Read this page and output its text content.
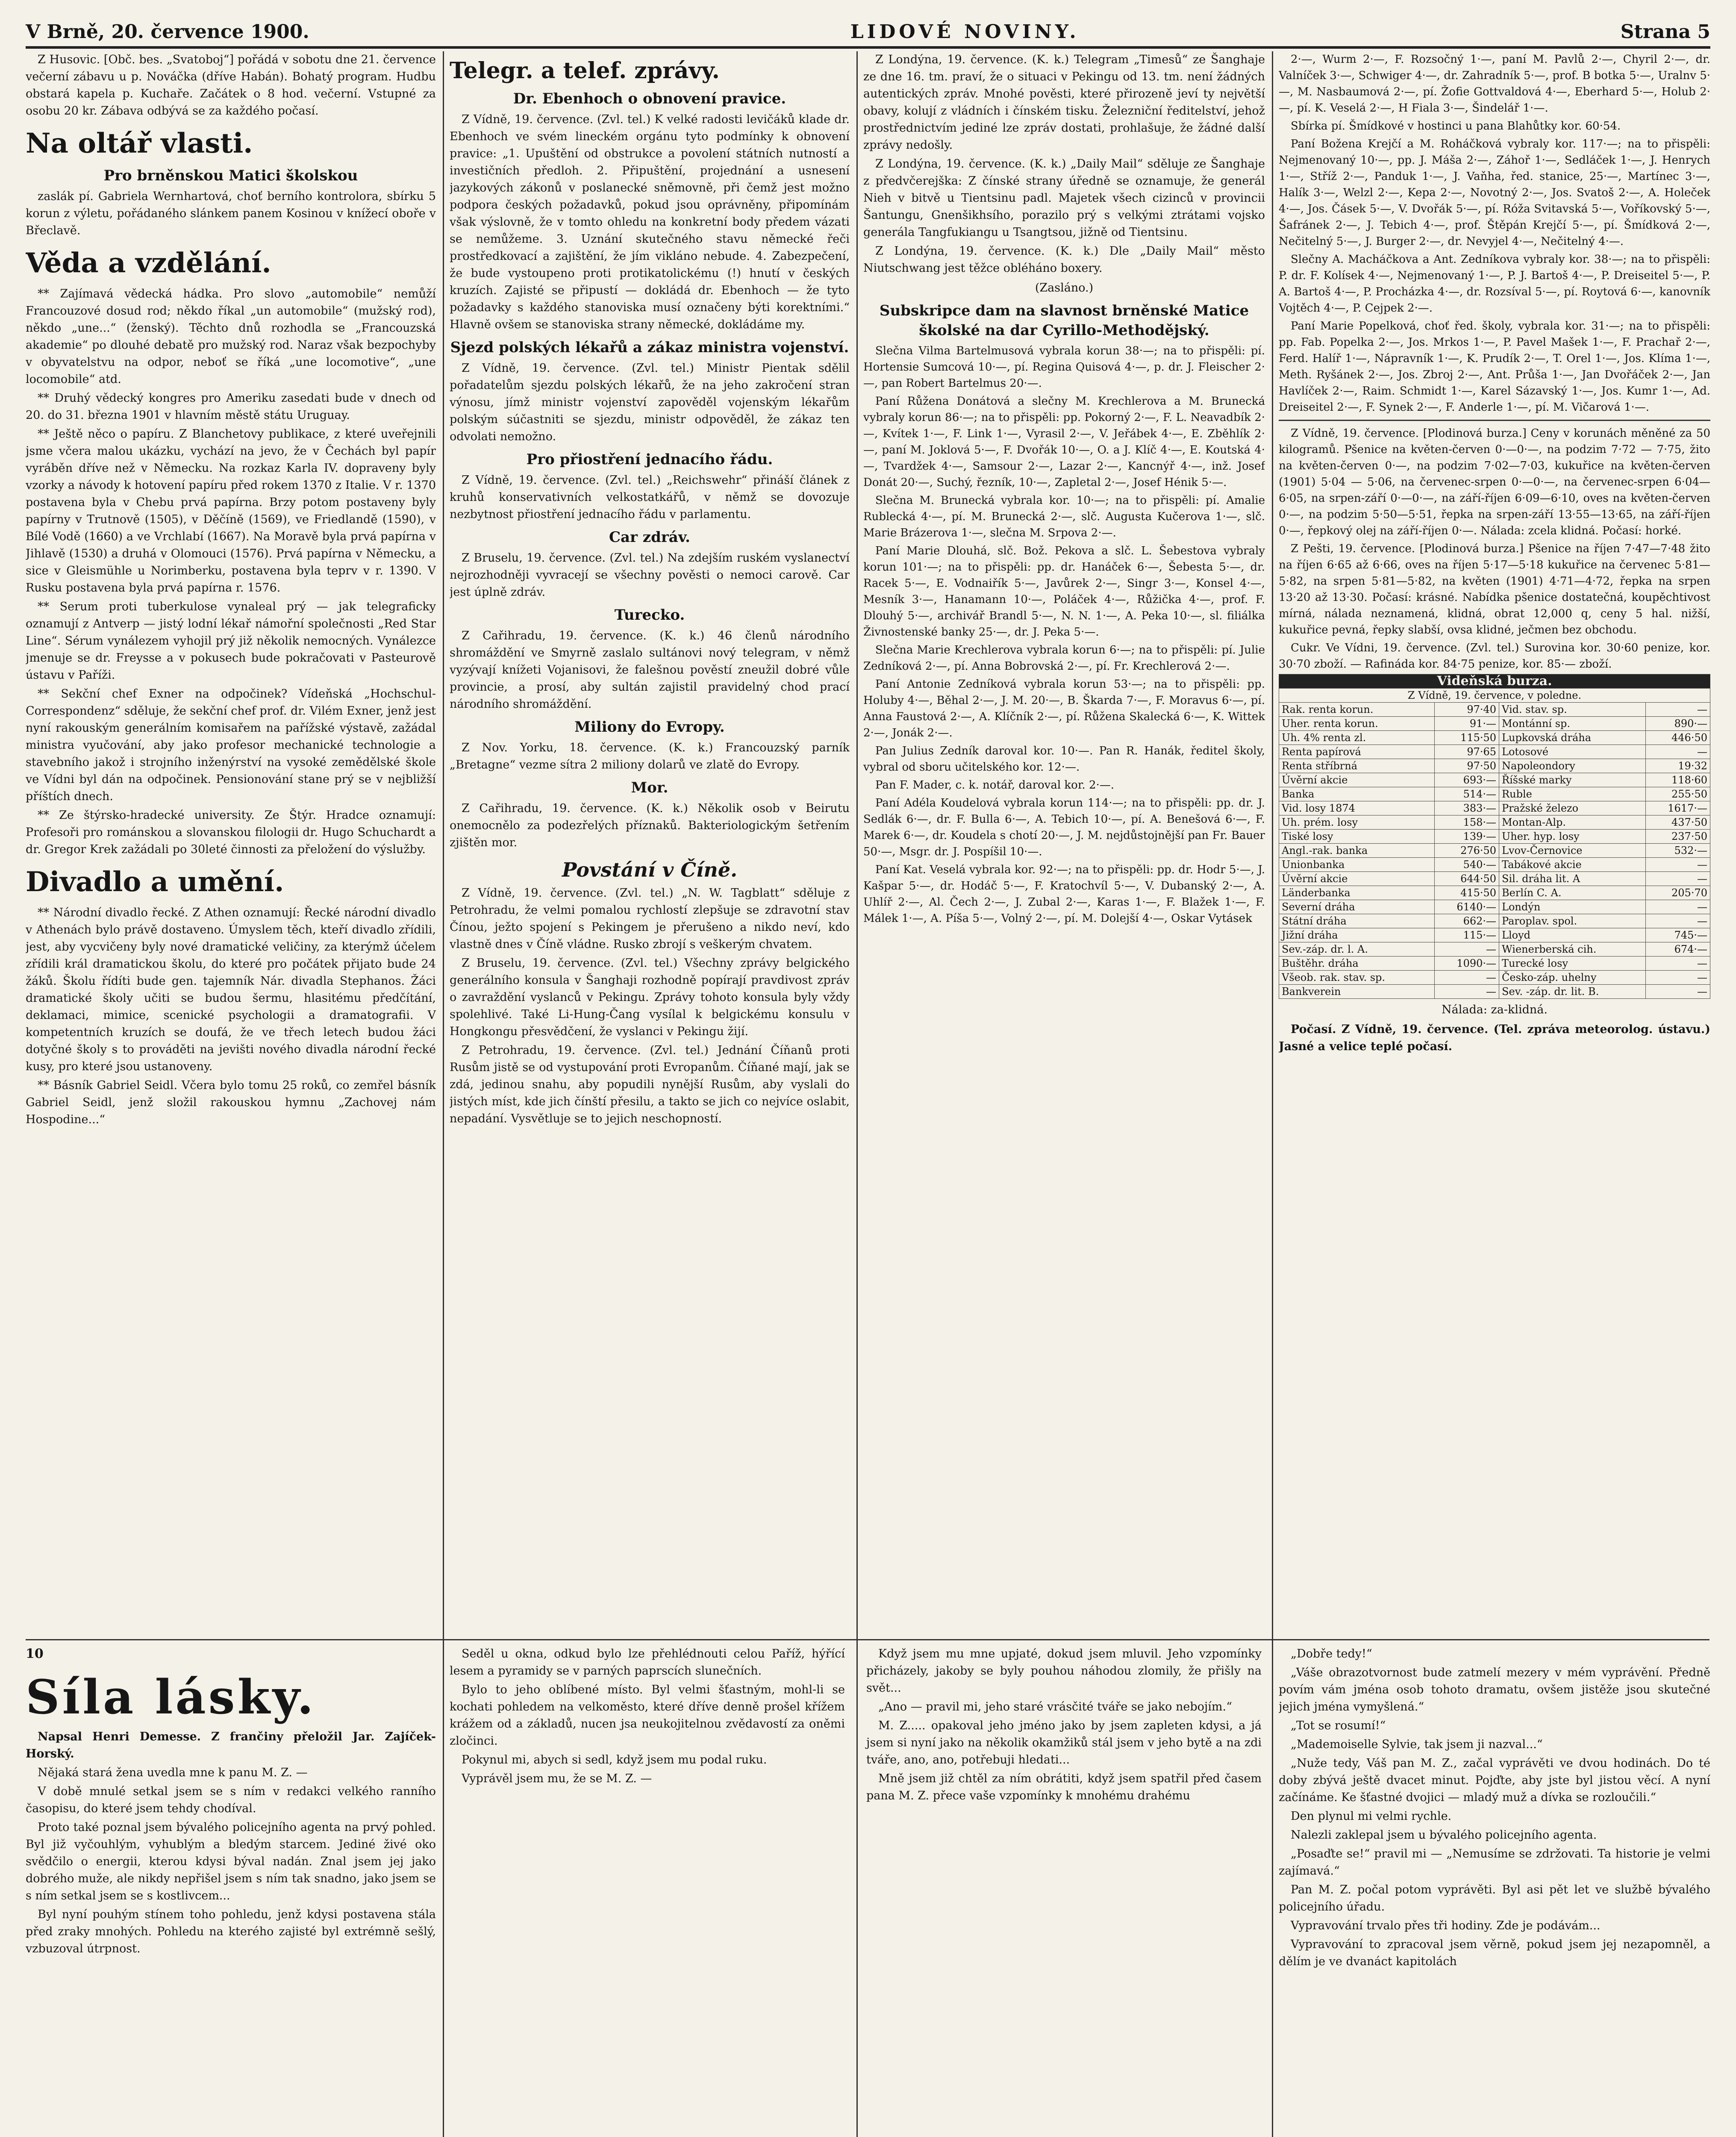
V Brně, 20. července 1900.	LIDOVÉ NOVINY.	Strana 5

Z Husovic. [Obč. bes. „Svatoboj“] pořádá v sobotu dne 21. července večerní zábavu u p. Nováčka (dříve Habán). Bohatý program. Hudbu obstará kapela p. Kuchaře. Začátek o 8 hod. večerní. Vstupné za osobu 20 kr. Zábava odbývá se za každého počasí.

Na oltář vlasti.
Pro brněnskou Matici školskou

zaslák pí. Gabriela Wernhartová, choť berního kontrolora, sbírku 5 korun z výletu, pořádaného slánkem panem Kosinou v knížecí oboře v Břeclavě.

Věda a vzdělání.

** Zajímavá vědecká hádka. Pro slovo „automobile“ nemůží Francouzové dosud rod; někdo říkal „un automobile“ (mužský rod), někdo „une...“ (ženský). Těchto dnů rozhodla se „Francouzská akademie“ po dlouhé debatě pro mužský rod. Naraz však bezpochyby v obyvatelstvu na odpor, neboť se říká „une locomotive“, „une locomobile“ atd.

** Druhý vědecký kongres pro Ameriku zasedati bude v dnech od 20. do 31. března 1901 v hlavním městě státu Uruguay.

** Ještě něco o papíru. Z Blanchetovy publikace, z které uveřejnili jsme včera malou ukázku, vychází na jevo, že v Čechách byl papír vyráběn dříve než v Německu. Na rozkaz Karla IV. dopraveny byly vzorky a návody k hotovení papíru před rokem 1370 z Italie. V r. 1370 postavena byla v Chebu prvá papírna. Brzy potom postaveny byly papírny v Trutnově (1505), v Děčíně (1569), ve Friedlandě (1590), v Bílé Vodě (1660) a ve Vrchlabí (1667). Na Moravě byla prvá papírna v Jihlavě (1530) a druhá v Olomouci (1576). Prvá papírna v Německu, a sice v Gleismühle u Norimberku, postavena byla teprv v r. 1390. V Rusku postavena byla prvá papírna r. 1576.

** Serum proti tuberkulose vynaleal prý — jak telegraficky oznamují z Antverp — jistý lodní lékař námořní společnosti „Red Star Line“. Sérum vynálezem vyhojil prý již několik nemocných. Vynálezce jmenuje se dr. Freysse a v pokusech bude pokračovati v Pasteurově ústavu v Paříži.

** Sekční chef Exner na odpočinek? Vídeňská „Hochschul-Correspondenz“ sděluje, že sekční chef prof. dr. Vilém Exner, jenž jest nyní rakouským generálním komisařem na pařížské výstavě, zažádal ministra vyučování, aby jako profesor mechanické technologie a stavebního jakož i strojního inženýrství na vysoké zemědělské škole ve Vídni byl dán na odpočinek. Pensionování stane prý se v nejbližší příštích dnech.

** Ze štýrsko-hradecké university. Ze Štýr. Hradce oznamují: Profesoři pro románskou a slovanskou filologii dr. Hugo Schuchardt a dr. Gregor Krek zažádali po 30leté činnosti za přeložení do výslužby.

Divadlo a umění.

** Národní divadlo řecké. Z Athen oznamují: Řecké národní divadlo v Athenách bylo právě dostaveno. Úmyslem těch, kteří divadlo zřídili, jest, aby vycvičeny byly nové dramatické veličiny, za kterýmž účelem zřídili král dramatickou školu, do které pro počátek přijato bude 24 žáků. Školu řídíti bude gen. tajemník Nár. divadla Stephanos. Žáci dramatické školy učiti se budou šermu, hlasitému předčítání, deklamaci, mimice, scenické psychologii a dramatografii. V kompetentních kruzích se doufá, že ve třech letech budou žáci dotyčné školy s to prováděti na jevišti nového divadla národní řecké kusy, pro které jsou ustanoveny.

** Básník Gabriel Seidl. Včera bylo tomu 25 roků, co zemřel básník Gabriel Seidl, jenž složil rakouskou hymnu „Zachovej nám Hospodine...“

10
Síla lásky.

Napsal Henri Demesse. Z frančiny přeložil Jar. Zajíček-Horský.

Nějaká stará žena uvedla mne k panu M. Z. —

V době mnulé setkal jsem se s ním v redakci velkého ranního časopisu, do které jsem tehdy chodíval.

Proto také poznal jsem bývalého policejního agenta na prvý pohled. Byl již vyčouhlým, vyhublým a bledým starcem. Jediné živé oko svědčilo o energii, kterou kdysi býval nadán. Znal jsem jej jako dobrého muže, ale nikdy nepřišel jsem s ním tak snadno, jako jsem se s ním setkal jsem se s kostlivcem...

Byl nyní pouhým stínem toho pohledu, jenž kdysi postavena stála před zraky mnohých. Pohledu na kterého zajisté byl extrémně sešlý, vzbuzoval útrpnost.

Telegr. a telef. zprávy.
Dr. Ebenhoch o obnovení pravice.

Z Vídně, 19. července. (Zvl. tel.) K velké radosti levičáků klade dr. Ebenhoch ve svém lineckém orgánu tyto podmínky k obnovení pravice: „1. Upuštění od obstrukce a povolení státních nutností a investičních předloh. 2. Připuštění, projednání a usnesení jazykových zákonů v poslanecké sněmovně, při čemž jest možno podpora českých požadavků, pokud jsou oprávněny, připomínám však výslovně, že v tomto ohledu na konkretní body předem vázati se nemůžeme. 3. Uznání skutečného stavu německé řeči prostředkovací a zajištění, že jím vikláno nebude. 4. Zabezpečení, že bude vystoupeno proti protikatolickému (!) hnutí v českých kruzích. Zajisté se připustí — dokládá dr. Ebenhoch — že tyto požadavky s každého stanoviska musí označeny býti korektními.“ Hlavně ovšem se stanoviska strany německé, dokládáme my.

Sjezd polských lékařů a zákaz ministra vojenství.

Z Vídně, 19. července. (Zvl. tel.) Ministr Pientak sdělil pořadatelům sjezdu polských lékařů, že na jeho zakročení stran výnosu, jímž ministr vojenství zapověděl vojenským lékařům polským súčastniti se sjezdu, ministr odpověděl, že zákaz ten odvolati nemožno.

Pro přiostření jednacího řádu.

Z Vídně, 19. července. (Zvl. tel.) „Reichswehr“ přináší článek z kruhů konservativních velkostatkářů, v němž se dovozuje nezbytnost přiostření jednacího řádu v parlamentu.

Car zdráv.

Z Bruselu, 19. července. (Zvl. tel.) Na zdejším ruském vyslanectví nejrozhodněji vyvracejí se všechny pověsti o nemoci carově. Car jest úplně zdráv.

Turecko.

Z Cařihradu, 19. července. (K. k.) 46 členů národního shromáždění ve Smyrně zaslalo sultánovi nový telegram, v němž vyzývají knížeti Vojanisovi, že falešnou pověstí zneužil dobré vůle provincie, a prosí, aby sultán zajistil pravidelný chod prací národního shromáždění.

Miliony do Evropy.

Z Nov. Yorku, 18. července. (K. k.) Francouzský parník „Bretagne“ vezme sítra 2 miliony dolarů ve zlatě do Evropy.

Mor.

Z Cařihradu, 19. července. (K. k.) Několik osob v Beirutu onemocnělo za podezřelých příznaků. Bakteriologickým šetřením zjištěn mor.

Povstání v Číně.

Z Vídně, 19. července. (Zvl. tel.) „N. W. Tagblatt“ sděluje z Petrohradu, že velmi pomalou rychlostí zlepšuje se zdravotní stav Čínou, ježto spojení s Pekingem je přerušeno a nikdo neví, kdo vlastně dnes v Číně vládne. Rusko zbrojí s veškerým chvatem.

Z Bruselu, 19. července. (Zvl. tel.) Všechny zprávy belgického generálního konsula v Šanghaji rozhodně popírají pravdivost zpráv o zavraždění vyslanců v Pekingu. Zprávy tohoto konsula byly vždy spolehlivé. Také Li-Hung-Čang vysílal k belgickému konsulu v Hongkongu přesvědčení, že vyslanci v Pekingu žijí.

Z Petrohradu, 19. července. (Zvl. tel.) Jednání Číňanů proti Rusům jistě se od vystupování proti Evropanům. Číňané mají, jak se zdá, jedinou snahu, aby popudili nynější Rusům, aby vyslali do jistých míst, kde jich čínští přesilu, a takto se jich co nejvíce oslabit, nepadání. Vysvětluje se to jejich neschopností.

Z Londýna, 19. července. (K. k.) Telegram „Timesů“ ze Šanghaje ze dne 16. tm. praví, že o situaci v Pekingu od 13. tm. není žádných autentických zpráv. Mnohé pověsti, které přirozeně jeví ty největší obavy, kolují z vládních i čínském tisku. Železniční ředitelství, jehož prostřednictvím jediné lze zpráv dostati, prohlašuje, že žádné další zprávy nedošly.

Z Londýna, 19. července. (K. k.) „Daily Mail“ sděluje ze Šanghaje z předvčerejška: Z čínské strany úředně se oznamuje, že generál Nieh v bitvě u Tientsinu padl. Majetek všech cizinců v provincii Šantungu, Gnenšikhsího, porazilo prý s velkými ztrátami vojsko generála Tangfukiangu u Tsangtsou, jižně od Tientsinu.

Z Londýna, 19. července. (K. k.) Dle „Daily Mail“ město Niutschwang jest těžce obléháno boxery.

(Zasláno.)
Subskripce dam na slavnost brněnské Matice školské na dar Cyrillo-Methodějský.

Slečna Vilma Bartelmusová vybrala korun 38·—; na to přispěli: pí. Hortensie Sumcová 10·—, pí. Regina Quisová 4·—, p. dr. J. Fleischer 2·—, pan Robert Bartelmus 20·—.

Paní Růžena Donátová a slečny M. Krechlerova a M. Brunecká vybraly korun 86·—; na to přispěli: pp. Pokorný 2·—, F. L. Neavadbík 2·—, Kvítek 1·—, F. Link 1·—, Vyrasil 2·—, V. Jeřábek 4·—, E. Zběhlík 2·—, paní M. Joklová 5·—, F. Dvořák 10·—, O. a J. Klíč 4·—, E. Koutská 4·—, Tvardžek 4·—, Samsour 2·—, Lazar 2·—, Kancnýř 4·—, inž. Josef Donát 20·—, Suchý, řezník, 10·—, Zapletal 2·—, Josef Hénik 5·—.

Slečna M. Brunecká vybrala kor. 10·—; na to přispěli: pí. Amalie Rublecká 4·—, pí. M. Brunecká 2·—, slč. Augusta Kučerova 1·—, slč. Marie Brázerova 1·—, slečna M. Srpova 2·—.

Paní Marie Dlouhá, slč. Bož. Pekova a slč. L. Šebestova vybraly korun 101·—; na to přispěli: pp. dr. Hanáček 6·—, Šebesta 5·—, dr. Racek 5·—, E. Vodnaiřík 5·—, Javůrek 2·—, Singr 3·—, Konsel 4·—, Mesník 3·—, Hanamann 10·—, Poláček 4·—, Růžička 4·—, prof. F. Dlouhý 5·—, archivář Brandl 5·—, N. N. 1·—, A. Peka 10·—, sl. filiálka Živnostenské banky 25·—, dr. J. Peka 5·—.

Slečna Marie Krechlerova vybrala korun 6·—; na to přispěli: pí. Julie Zedníková 2·—, pí. Anna Bobrovská 2·—, pí. Fr. Krechlerová 2·—.

Paní Antonie Zedníková vybrala korun 53·—; na to přispěli: pp. Holuby 4·—, Běhal 2·—, J. M. 20·—, B. Škarda 7·—, F. Moravus 6·—, pí. Anna Faustová 2·—, A. Klíčník 2·—, pí. Růžena Skalecká 6·—, K. Wittek 2·—, Jonák 2·—.

Pan Julius Zedník daroval kor. 10·—. Pan R. Hanák, ředitel školy, vybral od sboru učitelského kor. 12·—.

Pan F. Mader, c. k. notář, daroval kor. 2·—.

Paní Adéla Koudelová vybrala korun 114·—; na to přispěli: pp. dr. J. Sedlák 6·—, dr. F. Bulla 6·—, A. Tebich 10·—, pí. A. Benešová 6·—, F. Marek 6·—, dr. Koudela s chotí 20·—, J. M. nejdůstojnější pan Fr. Bauer 50·—, Msgr. dr. J. Pospíšil 10·—.

Paní Kat. Veselá vybrala kor. 92·—; na to přispěli: pp. dr. Hodr 5·—, J. Kašpar 5·—, dr. Hodáč 5·—, F. Kratochvíl 5·—, V. Dubanský 2·—, A. Uhlíř 2·—, Al. Čech 2·—, J. Zubal 2·—, Karas 1·—, F. Blažek 1·—, F. Málek 1·—, A. Píša 5·—, Volný 2·—, pí. M. Dolejší 4·—, Oskar Vytásek

Seděl u okna, odkud bylo lze přehlédnouti celou Paříž, hýřící lesem a pyramidy se v parných paprscích slunečních.

Bylo to jeho oblíbené místo. Byl velmi šťastným, mohl-li se kochati pohledem na velkoměsto, které dříve denně prošel křížem krážem od a základů, nucen jsa neukojitelnou zvědavostí za oněmi zločinci.

Pokynul mi, abych si sedl, když jsem mu podal ruku.

Vyprávěl jsem mu, že se M. Z. —

Když jsem mu mne upjaté, dokud jsem mluvil. Jeho vzpomínky přicházely, jakoby se byly pouhou náhodou zlomily, že přišly na svět...

„Ano — pravil mi, jeho staré vrásčité tváře se jako nebojím.“

M. Z..... opakoval jeho jméno jako by jsem zapleten kdysi, a já jsem si nyní jako na několik okamžiků stál jsem v jeho bytě a na zdi tváře, ano, ano, potřebuji hledati...

Mně jsem již chtěl za ním obrátiti, když jsem spatřil před časem pana M. Z. přece vaše vzpomínky k mnohému drahému

2·—, Wurm 2·—, F. Rozsočný 1·—, paní M. Pavlů 2·—, Chyril 2·—, dr. Valníček 3·—, Schwiger 4·—, dr. Zahradník 5·—, prof. B botka 5·—, Uralnv 5·—, M. Nasbaumová 2·—, pí. Žofie Gottvaldová 4·—, Eberhard 5·—, Holub 2·—, pí. K. Veselá 2·—, H Fiala 3·—, Šindelář 1·—.

Sbírka pí. Šmídkové v hostinci u pana Blahůtky kor. 60·54.

Paní Božena Krejčí a M. Roháčková vybraly kor. 117·—; na to přispěli: Nejmenovaný 10·—, pp. J. Máša 2·—, Záhoř 1·—, Sedláček 1·—, J. Henrych 1·—, Stříž 2·—, Panduk 1·—, J. Vaňha, řed. stanice, 25·—, Martínec 3·—, Halík 3·—, Welzl 2·—, Kepa 2·—, Novotný 2·—, Jos. Svatoš 2·—, A. Holeček 4·—, Jos. Čásek 5·—, V. Dvořák 5·—, pí. Róža Svitavská 5·—, Voříkovský 5·—, Šafránek 2·—, J. Tebich 4·—, prof. Štěpán Krejčí 5·—, pí. Šmídková 2·—, Nečitelný 5·—, J. Burger 2·—, dr. Nevyjel 4·—, Nečitelný 4·—.

Slečny A. Macháčkova a Ant. Zedníkova vybraly kor. 38·—; na to přispěli: P. dr. F. Kolísek 4·—, Nejmenovaný 1·—, P. J. Bartoš 4·—, P. Dreiseitel 5·—, P. A. Bartoš 4·—, P. Procházka 4·—, dr. Rozsíval 5·—, pí. Roytová 6·—, kanovník Vojtěch 4·—, P. Cejpek 2·—.

Paní Marie Popelková, choť řed. školy, vybrala kor. 31·—; na to přispěli: pp. Fab. Popelka 2·—, Jos. Mrkos 1·—, P. Pavel Mašek 1·—, F. Prachař 2·—, Ferd. Halíř 1·—, Nápravník 1·—, K. Prudík 2·—, T. Orel 1·—, Jos. Klíma 1·—, Meth. Ryšánek 2·—, Jos. Zbroj 2·—, Ant. Průša 1·—, Jan Dvořáček 2·—, Jan Havlíček 2·—, Raim. Schmidt 1·—, Karel Sázavský 1·—, Jos. Kumr 1·—, Ad. Dreiseitel 2·—, F. Synek 2·—, F. Anderle 1·—, pí. M. Vičarová 1·—.

Z Vídně, 19. července. [Plodinová burza.] Ceny v korunách měněné za 50 kilogramů. Pšenice na květen-červen 0·—0·—, na podzim 7·72 — 7·75, žito na květen-červen 0·—, na podzim 7·02—7·03, kukuřice na květen-červen (1901) 5·04 — 5·06, na červenec-srpen 0·—0·—, na červenec-srpen 6·04—6·05, na srpen-září 0·—0·—, na září-říjen 6·09—6·10, oves na květen-červen 0·—, na podzim 5·50—5·51, řepka na srpen-září 13·55—13·65, na září-říjen 0·—, řepkový olej na září-říjen 0·—. Nálada: zcela klidná. Počasí: horké.

Z Pešti, 19. července. [Plodinová burza.] Pšenice na říjen 7·47—7·48 žito na říjen 6·65 až 6·66, oves na říjen 5·17—5·18 kukuřice na červenec 5·81—5·82, na srpen 5·81—5·82, na květen (1901) 4·71—4·72, řepka na srpen 13·20 až 13·30. Počasí: krásné. Nabídka pšenice dostatečná, koupěchtivost mírná, nálada neznamená, klidná, obrat 12,000 q, ceny 5 hal. nižší, kukuřice pevná, řepky slabší, ovsa klidné, ječmen bez obchodu.

Cukr. Ve Vídni, 19. července. (Zvl. tel.) Surovina kor. 30·60 penize, kor. 30·70 zboží. — Rafináda kor. 84·75 penize, kor. 85·— zboží.

Videňská burza.			
Z Vídně, 19. července, v poledne.			
Rak. renta korun.	97·40	Vid. stav. sp.	—
Uher. renta korun.	91·—	Montánní sp.	890·—
Uh. 4% renta zl.	115·50	Lupkovská dráha	446·50
Renta papírová	97·65	Lotosové	—
Renta stříbrná	97·50	Napoleondory	19·32
Úvěrní akcie	693·—	Říšské marky	118·60
Banka	514·—	Ruble	255·50
Vid. losy 1874	383·—	Pražské železo	1617·—
Uh. prém. losy	158·—	Montan-Alp.	437·50
Tiské losy	139·—	Uher. hyp. losy	237·50
Angl.-rak. banka	276·50	Lvov-Černovice	532·—
Unionbanka	540·—	Tabákové akcie	—
Úvěrní akcie	644·50	Sil. dráha lit. A	—
Länderbanka	415·50	Berlín C. A.	205·70
Severní dráha	6140·—	Londýn	—
Státní dráha	662·—	Paroplav. spol.	—
Jižní dráha	115·—	Lloyd	745·—
Sev.-záp. dr. l. A.	—	Wienerberská cih.	674·—
Buštěhr. dráha	1090·—	Turecké losy	—
Všeob. rak. stav. sp.	—	Česko-záp. uhelny	—
Bankverein	—	Sev. -záp. dr. lit. B.	—
Nálada: za-klidná.

Počasí. Z Vídně, 19. července. (Tel. zpráva meteorolog. ústavu.) Jasné a velice teplé počasí.

„Dobře tedy!“

„Váše obrazotvornost bude zatmelí mezery v mém vyprávění. Předně povím vám jména osob tohoto dramatu, ovšem jistěže jsou skutečné jejich jména vymyšlená.“

„Tot se rosumí!“

„Mademoiselle Sylvie, tak jsem ji nazval...“

„Nuže tedy, Váš pan M. Z., začal vyprávěti ve dvou hodinách. Do té doby zbývá ještě dvacet minut. Pojďte, aby jste byl jistou věcí. A nyní začínáme. Ke šťastné dvojici — mladý muž a dívka se rozloučili.“

Den plynul mi velmi rychle.

Nalezli zaklepal jsem u bývalého policejního agenta.

„Posaďte se!“ pravil mi — „Nemusíme se zdržovati. Ta historie je velmi zajímavá.“

Pan M. Z. počal potom vyprávěti. Byl asi pět let ve službě bývalého policejního úřadu.

Vypravování trvalo přes tři hodiny. Zde je podávám...

Vypravování to zpracoval jsem věrně, pokud jsem jej nezapomněl, a dělím je ve dvanáct kapitolách
